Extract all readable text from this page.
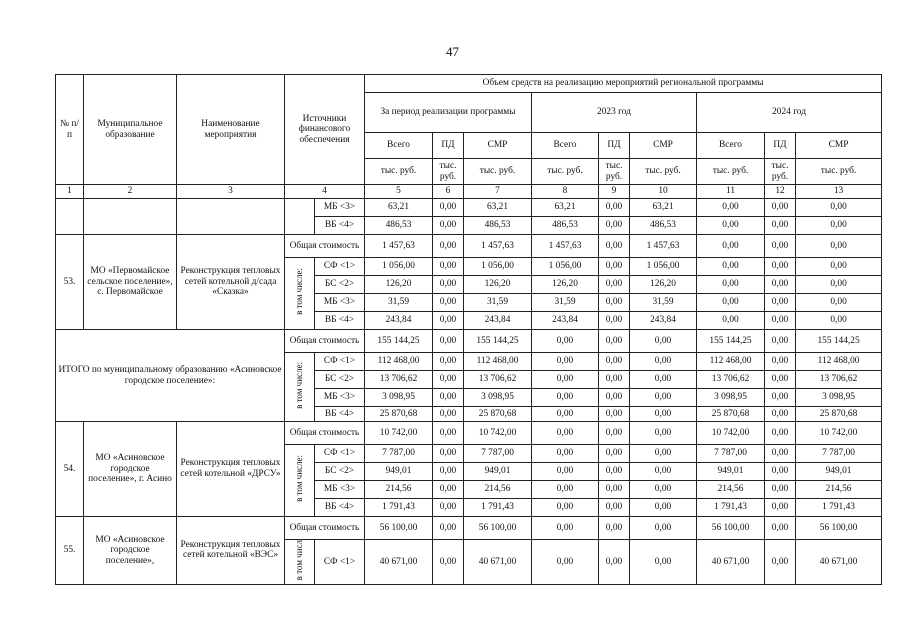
47
№ п/п	Муниципальное образование	Наименование мероприятия	Источники финансового обеспечения		Объем средств на реализацию мероприятий региональной программы								
					За период реализации программы			2023 год			2024 год		
					Всего	ПД	СМР	Всего	ПД	СМР	Всего	ПД	СМР
					тыс. руб.	тыс. руб.	тыс. руб.	тыс. руб.	тыс. руб.	тыс. руб.	тыс. руб.	тыс. руб.	тыс. руб.
1	2	3	4		5	6	7	8	9	10	11	12	13
				МБ <3>	63,21	0,00	63,21	63,21	0,00	63,21	0,00	0,00	0,00
				ВБ <4>	486,53	0,00	486,53	486,53	0,00	486,53	0,00	0,00	0,00
53.	МО «Первомайское сельское поселение», с. Первомайское	Реконструкция тепловых сетей котельной д/сада «Сказка»	Общая стоимость		1 457,63	0,00	1 457,63	1 457,63	0,00	1 457,63	0,00	0,00	0,00
			в том числе:	СФ <1>	1 056,00	0,00	1 056,00	1 056,00	0,00	1 056,00	0,00	0,00	0,00
				БС <2>	126,20	0,00	126,20	126,20	0,00	126,20	0,00	0,00	0,00
				МБ <3>	31,59	0,00	31,59	31,59	0,00	31,59	0,00	0,00	0,00
				ВБ <4>	243,84	0,00	243,84	243,84	0,00	243,84	0,00	0,00	0,00
ИТОГО по муниципальному образованию «Асиновское городское поселение»:			Общая стоимость		155 144,25	0,00	155 144,25	0,00	0,00	0,00	155 144,25	0,00	155 144,25
			в том числе:	СФ <1>	112 468,00	0,00	112 468,00	0,00	0,00	0,00	112 468,00	0,00	112 468,00
				БС <2>	13 706,62	0,00	13 706,62	0,00	0,00	0,00	13 706,62	0,00	13 706,62
				МБ <3>	3 098,95	0,00	3 098,95	0,00	0,00	0,00	3 098,95	0,00	3 098,95
				ВБ <4>	25 870,68	0,00	25 870,68	0,00	0,00	0,00	25 870,68	0,00	25 870,68
54.	МО «Асиновское городское поселение», г. Асино	Реконструкция тепловых сетей котельной «ДРСУ»	Общая стоимость		10 742,00	0,00	10 742,00	0,00	0,00	0,00	10 742,00	0,00	10 742,00
			в том числе:	СФ <1>	7 787,00	0,00	7 787,00	0,00	0,00	0,00	7 787,00	0,00	7 787,00
				БС <2>	949,01	0,00	949,01	0,00	0,00	0,00	949,01	0,00	949,01
				МБ <3>	214,56	0,00	214,56	0,00	0,00	0,00	214,56	0,00	214,56
				ВБ <4>	1 791,43	0,00	1 791,43	0,00	0,00	0,00	1 791,43	0,00	1 791,43
55.	МО «Асиновское городское поселение»,	Реконструкция тепловых сетей котельной «ВЭС»	Общая стоимость		56 100,00	0,00	56 100,00	0,00	0,00	0,00	56 100,00	0,00	56 100,00
			в том числ	СФ <1>	40 671,00	0,00	40 671,00	0,00	0,00	0,00	40 671,00	0,00	40 671,00
